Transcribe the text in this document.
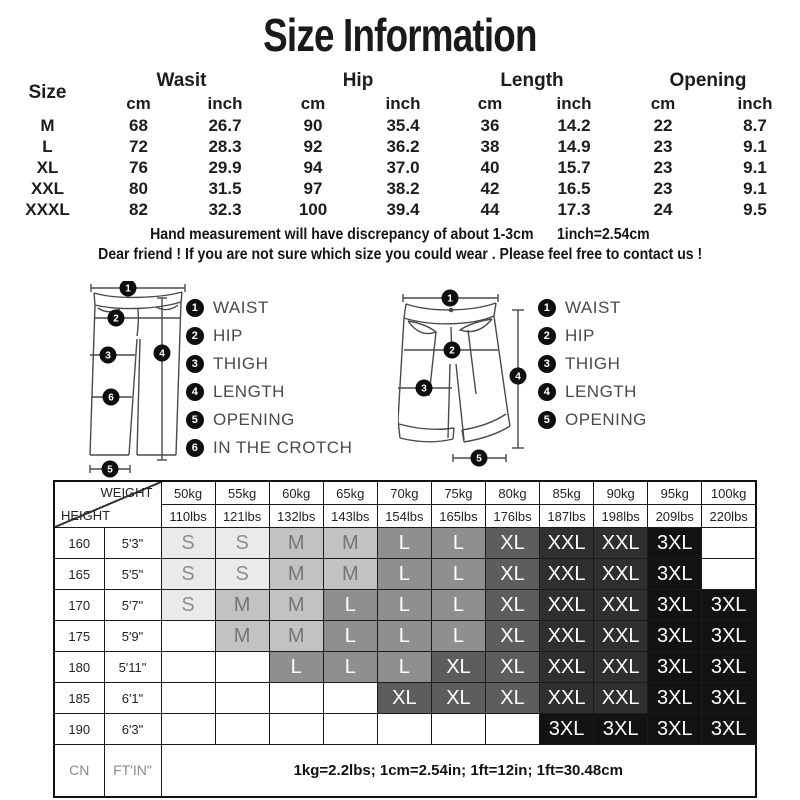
Size Information
Size
Wasit	Hip	Length	Opening
cm	inch	cm	inch	cm	inch	cm	inch
M	68	26.7	90	35.4	36	14.2	22	8.7
L	72	28.3	92	36.2	38	14.9	23	9.1
XL	76	29.9	94	37.0	40	15.7	23	9.1
XXL	80	31.5	97	38.2	42	16.5	23	9.1
XXXL	82	32.3	100	39.4	44	17.3	24	9.5
Hand measurement will have discrepancy of about 1-3cm      1inch=2.54cm
Dear friend ! If you are not sure which size you could wear . Please feel free to contact us !
1
2
3	4
5
6
1 WAIST
2 HIP
3 THIGH
4 LENGTH
5 OPENING
6 IN THE CROTCH
1
2
3
4
5
1 WAIST
2 HIP
3 THIGH
4 LENGTH
5 OPENING
WEIGHT
HEIGHT		50kg	55kg	60kg	65kg	70kg	75kg	80kg	85kg	90kg	95kg	100kg
		110lbs	121lbs	132lbs	143lbs	154lbs	165lbs	176lbs	187lbs	198lbs	209lbs	220lbs
160	5'3"	S	S	M	M	L	L	XL	XXL	XXL	3XL	
165	5'5"	S	S	M	M	L	L	XL	XXL	XXL	3XL	
170	5'7"	S	M	M	L	L	L	XL	XXL	XXL	3XL	3XL
175	5'9"		M	M	L	L	L	XL	XXL	XXL	3XL	3XL
180	5'11"			L	L	L	XL	XL	XXL	XXL	3XL	3XL
185	6'1"					XL	XL	XL	XXL	XXL	3XL	3XL
190	6'3"								3XL	3XL	3XL	3XL
CN	FT'IN"	1kg=2.2lbs; 1cm=2.54in; 1ft=12in; 1ft=30.48cm										
